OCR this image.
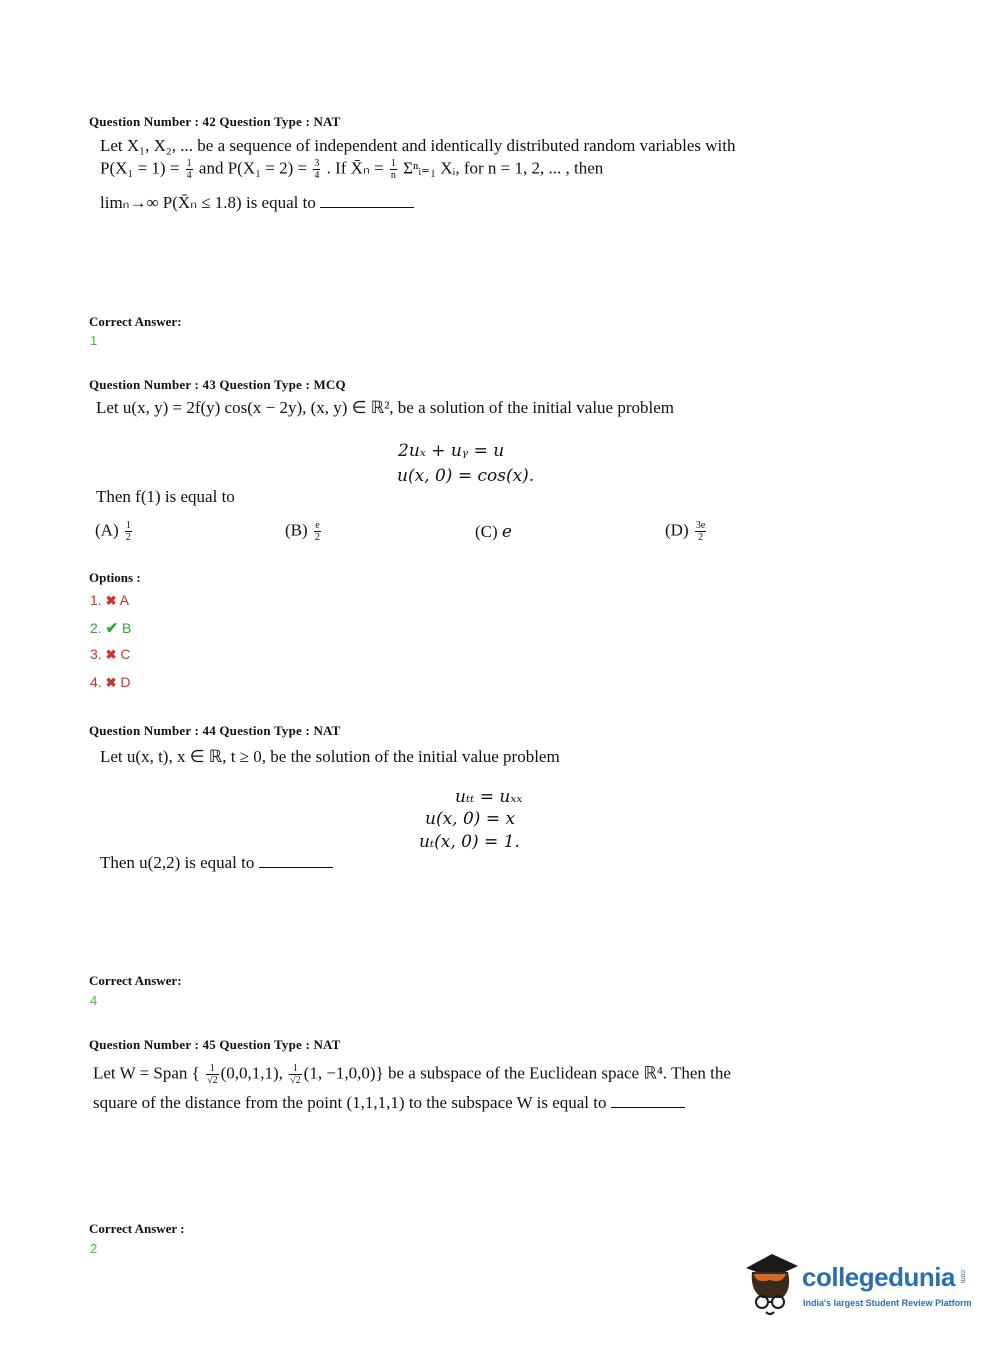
Question Number : 42 Question Type : NAT
Let X₁, X₂, ... be a sequence of independent and identically distributed random variables with
$P(X_1 = 1) = \frac{1}{4}$ and $P(X_1 = 2) = \frac{3}{4}$ . If X̄ₙ = $\frac{1}{n}$ Σⁿᵢ₌₁ Xᵢ, for n = 1, 2, ... , then
limₙ→∞ P(X̄ₙ ≤ 1.8) is equal to
Correct Answer:
1
Question Number : 43 Question Type : MCQ
Let u(x, y) = 2f(y) cos(x − 2y), (x, y) ∈ ℝ², be a solution of the initial value problem
2uₓ + uᵧ = u
u(x, 0) = cos(x).
Then f(1) is equal to
$(A) \frac{1}{2}$	$(B) \frac{e}{2}$	(C) e	$(D) \frac{3e}{2}$
Options :
1. ✖ A
2. ✔ B
3. ✖ C
4. ✖ D
Question Number : 44 Question Type : NAT
Let u(x, t), x ∈ ℝ, t ≥ 0, be the solution of the initial value problem
uₜₜ = uₓₓ
u(x, 0) = x
uₜ(x, 0) = 1.
Then u(2,2) is equal to
Correct Answer:
4
Question Number : 45 Question Type : NAT
Let W = Span { $\frac{1}{√2} (0,0,1,1)$, $\frac{1}{√2} (1$, −1,0,0)} be a subspace of the Euclidean space ℝ⁴. Then the
square of the distance from the point (1,1,1,1) to the subspace W is equal to
Correct Answer :
2
collegedunia .com
India's largest Student Review Platform
